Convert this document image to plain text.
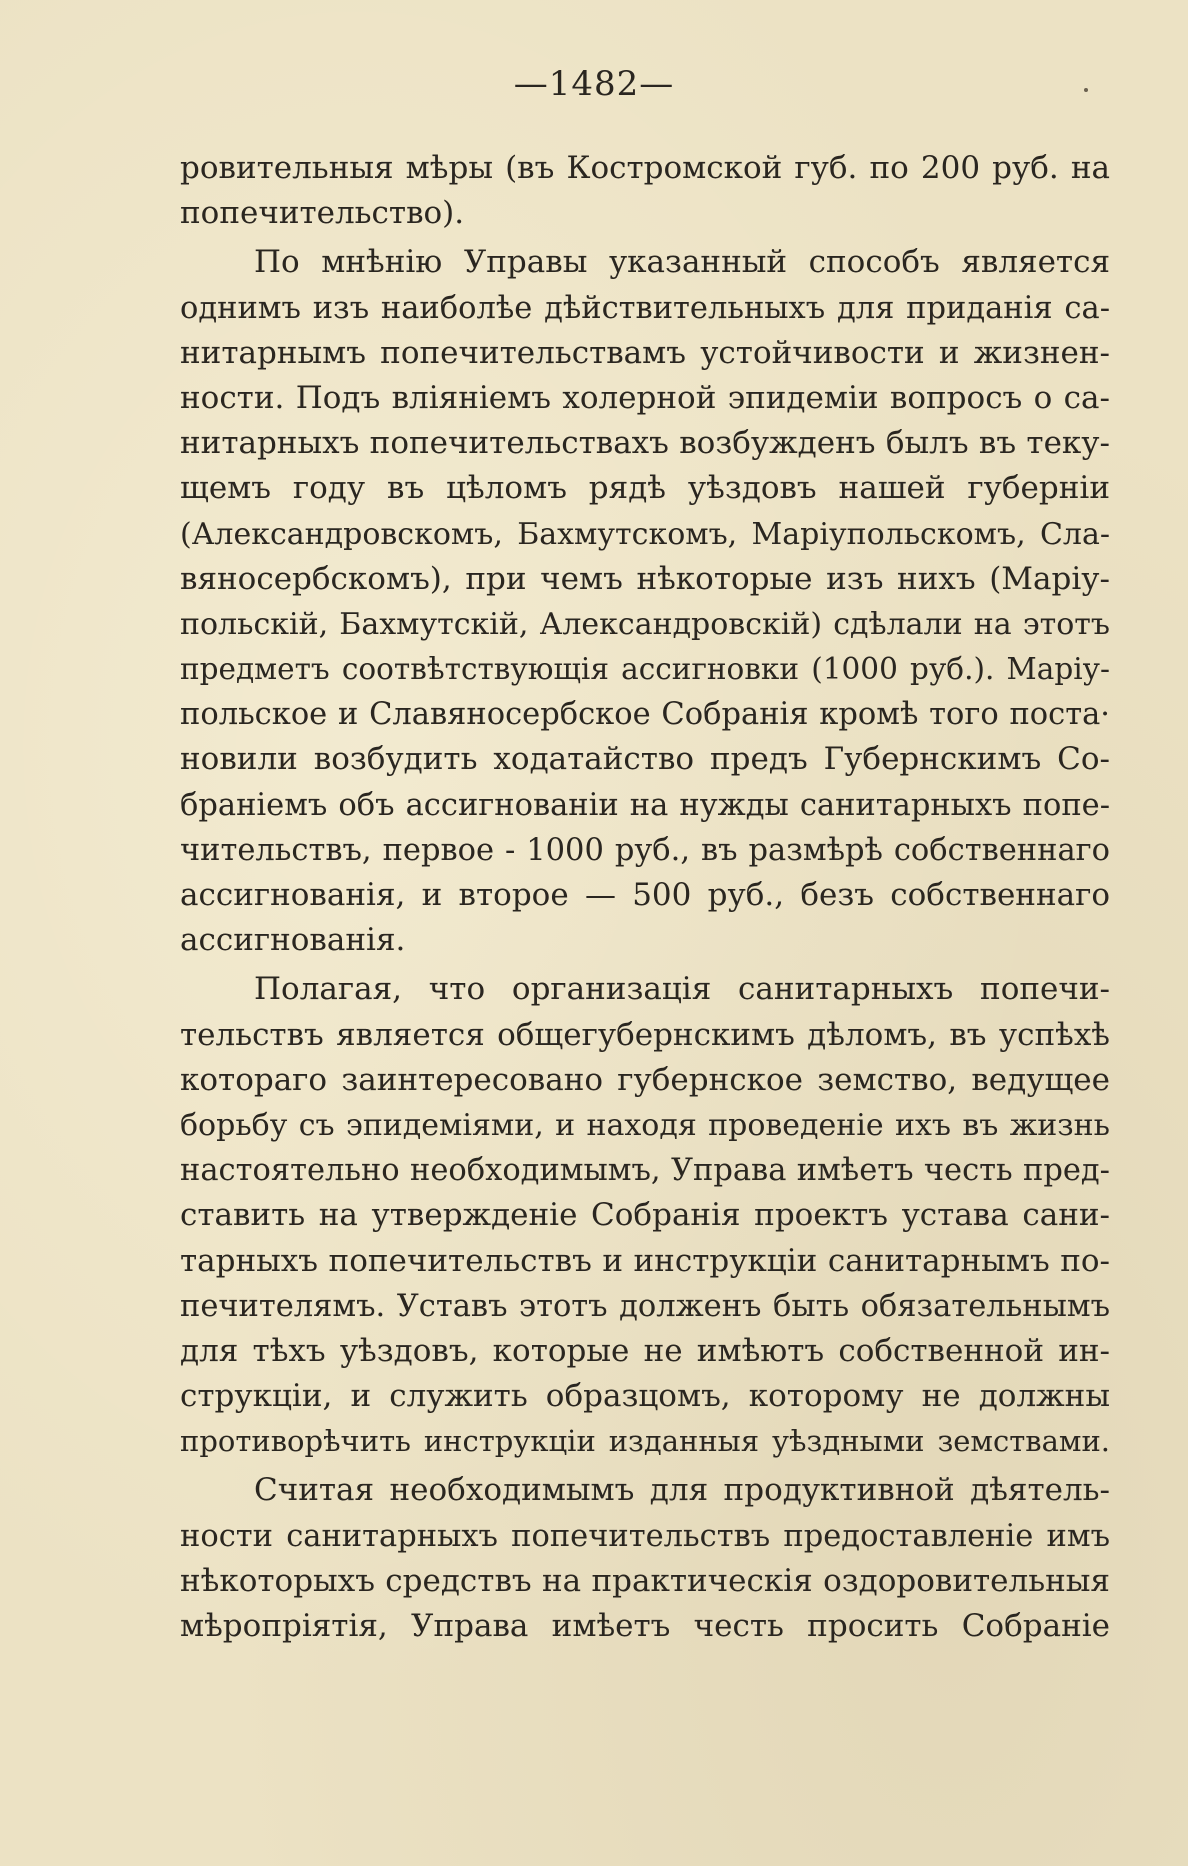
—1482—
ровительныя мѣры (въ Костромской губ. по 200 руб. на
попечительство).
По мнѣнію Управы указанный способъ является
однимъ изъ наиболѣе дѣйствительныхъ для приданія са-
нитарнымъ попечительствамъ устойчивости и жизнен-
ности. Подъ вліяніемъ холерной эпидеміи вопросъ о са-
нитарныхъ попечительствахъ возбужденъ былъ въ теку-
щемъ году въ цѣломъ рядѣ уѣздовъ нашей губерніи
(Александровскомъ, Бахмутскомъ, Маріупольскомъ, Сла-
вяносербскомъ), при чемъ нѣкоторые изъ нихъ (Маріу-
польскій, Бахмутскій, Александровскій) сдѣлали на этотъ
предметъ соотвѣтствующія ассигновки (1000 руб.). Маріу-
польское и Славяносербское Собранія кромѣ того поста·
новили возбудить ходатайство предъ Губернскимъ Со-
браніемъ объ ассигнованіи на нужды санитарныхъ попе-
чительствъ, первое - 1000 руб., въ размѣрѣ собственнаго
ассигнованія, и второе — 500 руб., безъ собственнаго
ассигнованія.
Полагая, что организація санитарныхъ попечи-
тельствъ является общегубернскимъ дѣломъ, въ успѣхѣ
котораго заинтересовано губернское земство, ведущее
борьбу съ эпидеміями, и находя проведеніе ихъ въ жизнь
настоятельно необходимымъ, Управа имѣетъ честь пред-
ставить на утвержденіе Собранія проектъ устава сани-
тарныхъ попечительствъ и инструкціи санитарнымъ по-
печителямъ. Уставъ этотъ долженъ быть обязательнымъ
для тѣхъ уѣздовъ, которые не имѣютъ собственной ин-
струкціи, и служить образцомъ, которому не должны
противорѣчить инструкціи изданныя уѣздными земствами.
Считая необходимымъ для продуктивной дѣятель-
ности санитарныхъ попечительствъ предоставленіе имъ
нѣкоторыхъ средствъ на практическія оздоровительныя
мѣропріятія, Управа имѣетъ честь просить Собраніе
